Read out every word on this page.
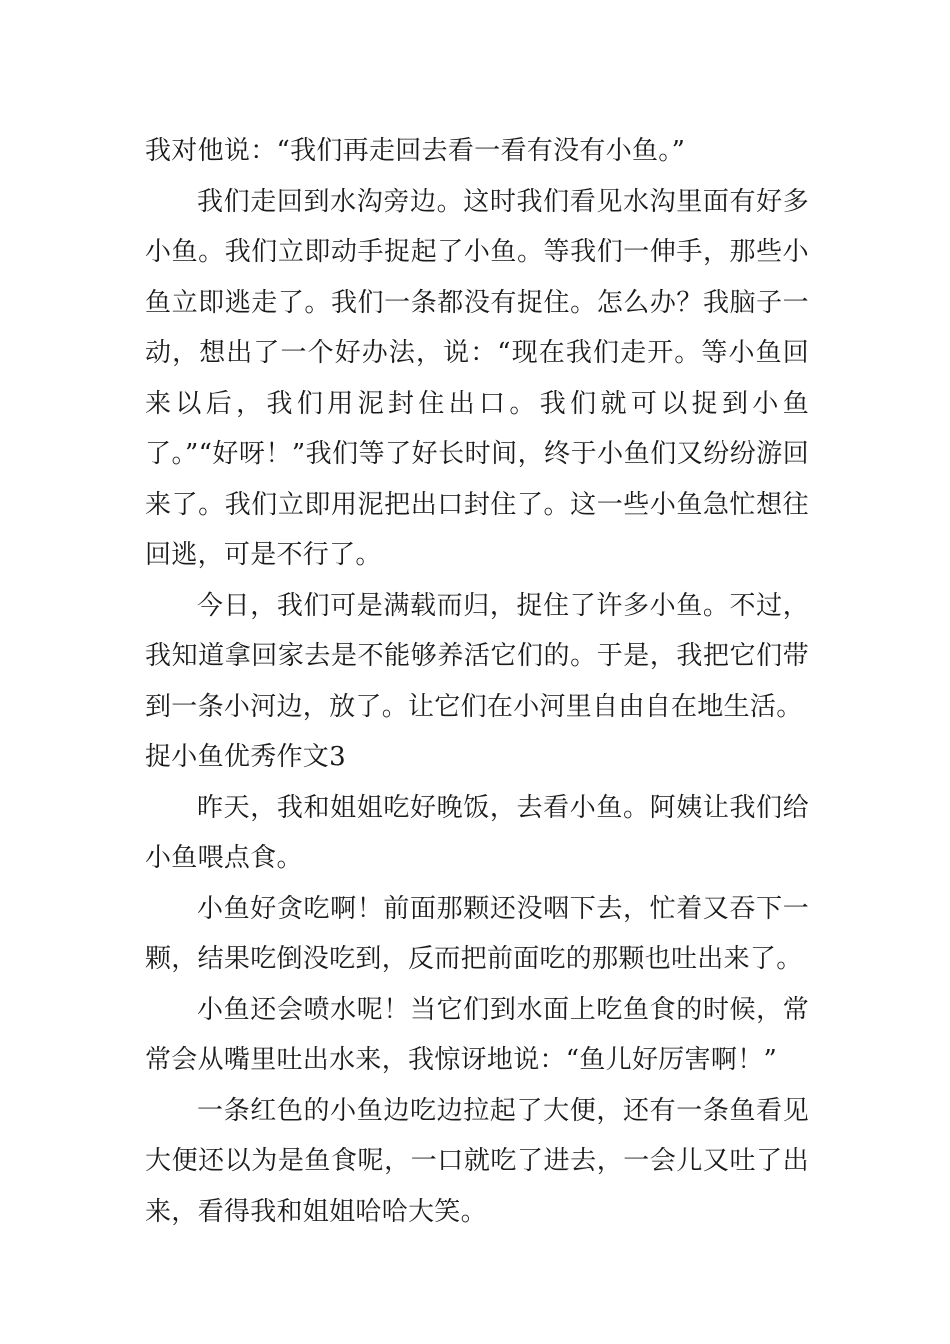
我对他说：“我们再走回去看一看有没有小鱼。”

我们走回到水沟旁边。这时我们看见水沟里面有好多小鱼。我们立即动手捉起了小鱼。等我们一伸手，那些小鱼立即逃走了。我们一条都没有捉住。怎么办？我脑子一动，想出了一个好办法，说：“现在我们走开。等小鱼回来以后，我们用泥封住出口。我们就可以捉到小鱼了。”“好呀！”我们等了好长时间，终于小鱼们又纷纷游回来了。我们立即用泥把出口封住了。这一些小鱼急忙想往回逃，可是不行了。

今日，我们可是满载而归，捉住了许多小鱼。不过，我知道拿回家去是不能够养活它们的。于是，我把它们带到一条小河边，放了。让它们在小河里自由自在地生活。

捉小鱼优秀作文3

昨天，我和姐姐吃好晚饭，去看小鱼。阿姨让我们给小鱼喂点食。

小鱼好贪吃啊！前面那颗还没咽下去，忙着又吞下一颗，结果吃倒没吃到，反而把前面吃的那颗也吐出来了。

小鱼还会喷水呢！当它们到水面上吃鱼食的时候，常常会从嘴里吐出水来，我惊讶地说：“鱼儿好厉害啊！”

一条红色的小鱼边吃边拉起了大便，还有一条鱼看见大便还以为是鱼食呢，一口就吃了进去，一会儿又吐了出来，看得我和姐姐哈哈大笑。
